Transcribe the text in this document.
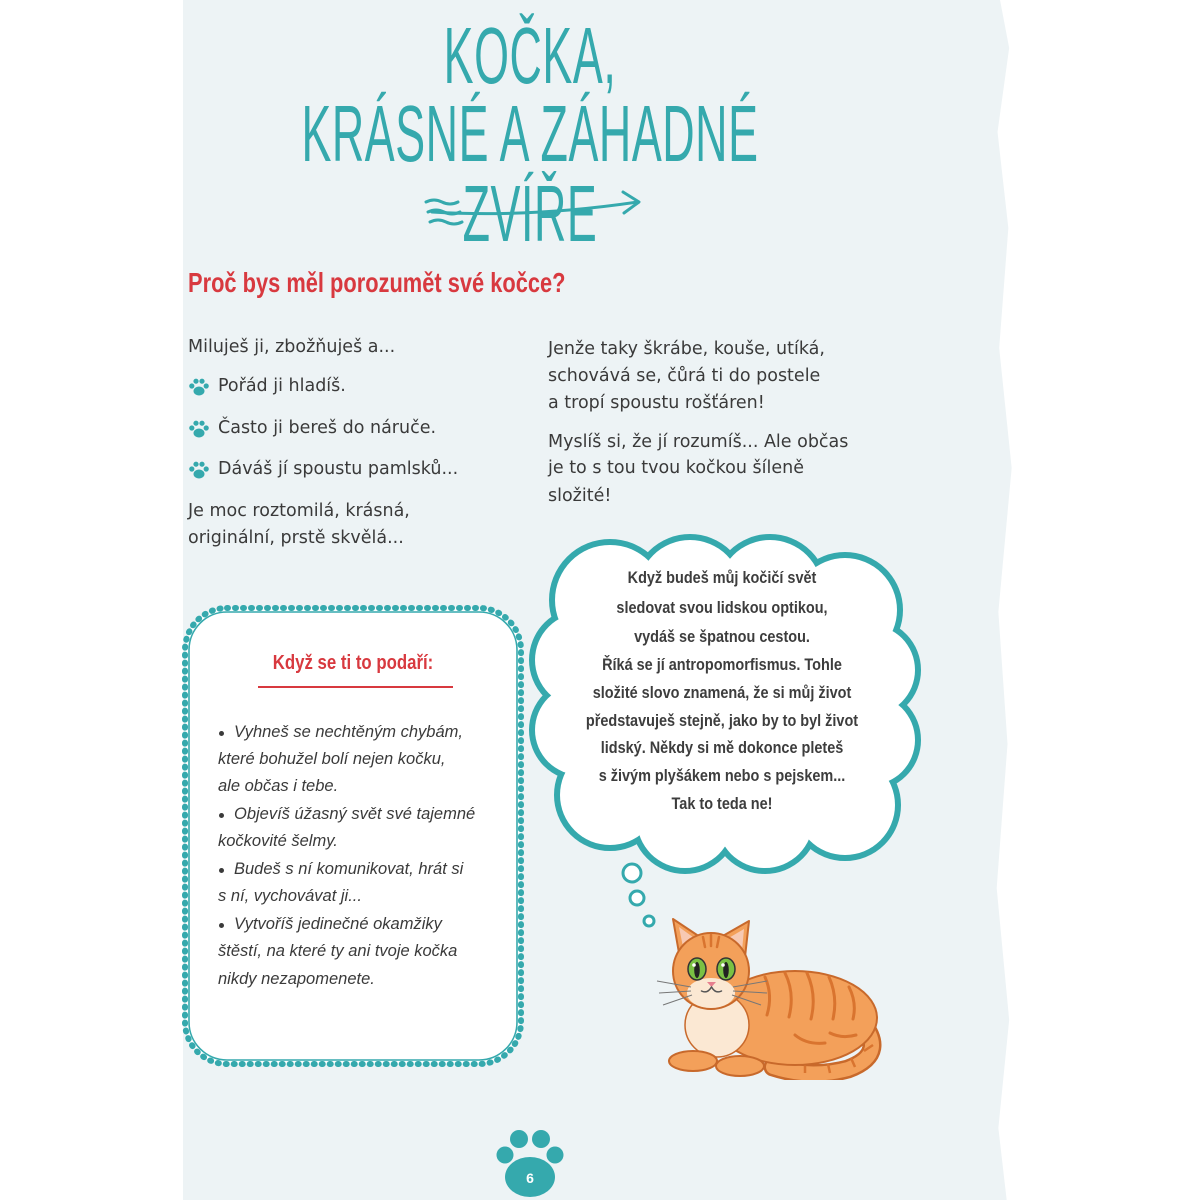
KOČKA,
KRÁSNÉ A ZÁHADNÉ ZVÍŘE
Proč bys měl porozumět své kočce?
Miluješ ji, zbožňuješ a...
Pořád ji hladíš.
Často ji bereš do náruče.
Dáváš jí spoustu pamlsků...
Je moc roztomilá, krásná,
originální, prstě skvělá...
Jenže taky škrábe, kouše, utíká,
schovává se, čůrá ti do postele
a tropí spoustu rošťáren!
Myslíš si, že jí rozumíš... Ale občas
je to s tou tvou kočkou šíleně
složité!
Když se ti to podaří:
Vyhneš se nechtěným chybám,
které bohužel bolí nejen kočku,
ale občas i tebe.
Objevíš úžasný svět své tajemné
kočkovité šelmy.
Budeš s ní komunikovat, hrát si
s ní, vychovávat ji...
Vytvoříš jedinečné okamžiky
štěstí, na které ty ani tvoje kočka
nikdy nezapomenete.
Když budeš můj kočičí svět
sledovat svou lidskou optikou,
vydáš se špatnou cestou.
Říká se jí antropomorfismus. Tohle
složité slovo znamená, že si můj život
představuješ stejně, jako by to byl život
lidský. Někdy si mě dokonce pleteš
s živým plyšákem nebo s pejskem...
Tak to teda ne!
6
